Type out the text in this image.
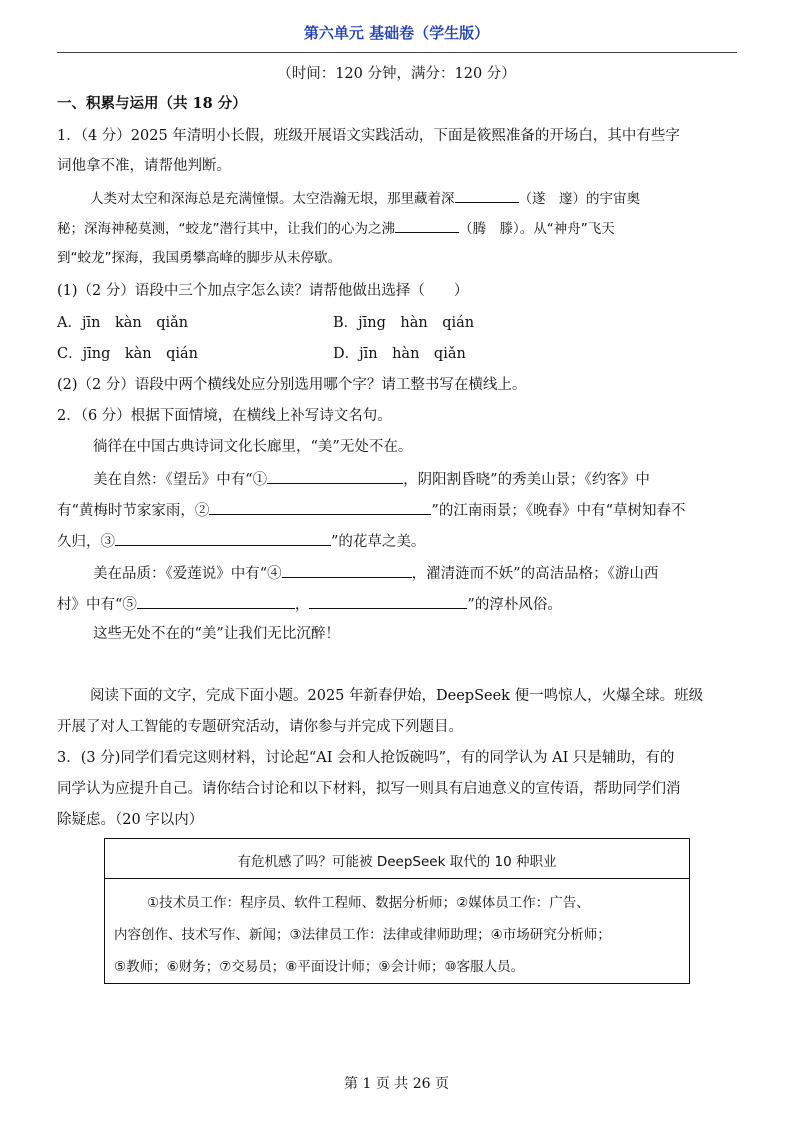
第六单元 基础卷（学生版）
（时间：120 分钟，满分：120 分）
一、积累与运用（共 18 分）
1．（4 分）2025 年清明小长假，班级开展语文实践活动，下面是筱熙准备的开场白，其中有些字
词他拿不准，请帮他判断。
人类对太空和深海总是充满憧憬。太空浩瀚无垠，那里藏着深	（遂　邃）的宇宙奥
秘；深海神秘莫测，“蛟龙”潜行其中，让我们的心为之沸	（腾　滕）。从“神舟”飞天
到“蛟龙”探海，我国勇攀高峰的脚步从未停歇。
(1)（2 分）语段中三个加点字怎么读？请帮他做出选择（　　）
A．jīn　kàn　qiǎn	B．jīng　hàn　qián
C．jīng　kàn　qián	D．jīn　hàn　qiǎn
(2)（2 分）语段中两个横线处应分别选用哪个字？请工整书写在横线上。
2．（6 分）根据下面情境，在横线上补写诗文名句。
徜徉在中国古典诗词文化长廊里，“美”无处不在。
美在自然：《望岳》中有“①	，阴阳割昏晓”的秀美山景；《约客》中
有“黄梅时节家家雨，②	”的江南雨景；《晚春》中有“草树知春不
久归，③	”的花草之美。
美在品质：《爱莲说》中有“④	，濯清涟而不妖”的高洁品格；《游山西
村》中有“⑤	，	”的淳朴风俗。
这些无处不在的“美”让我们无比沉醉！
阅读下面的文字，完成下面小题。2025 年新春伊始，DeepSeek 便一鸣惊人，火爆全球。班级
开展了对人工智能的专题研究活动，请你参与并完成下列题目。
3．(3 分)同学们看完这则材料，讨论起“AI 会和人抢饭碗吗”，有的同学认为 AI 只是辅助，有的
同学认为应提升自己。请你结合讨论和以下材料，拟写一则具有启迪意义的宣传语，帮助同学们消
除疑虑。（20 字以内）
有危机感了吗？可能被 DeepSeek 取代的 10 种职业
①技术员工作：程序员、软件工程师、数据分析师；②媒体员工作：广告、
内容创作、技术写作、新闻；③法律员工作：法律或律师助理；④市场研究分析师；
⑤教师；⑥财务；⑦交易员；⑧平面设计师；⑨会计师；⑩客服人员。
第 1 页 共 26 页
